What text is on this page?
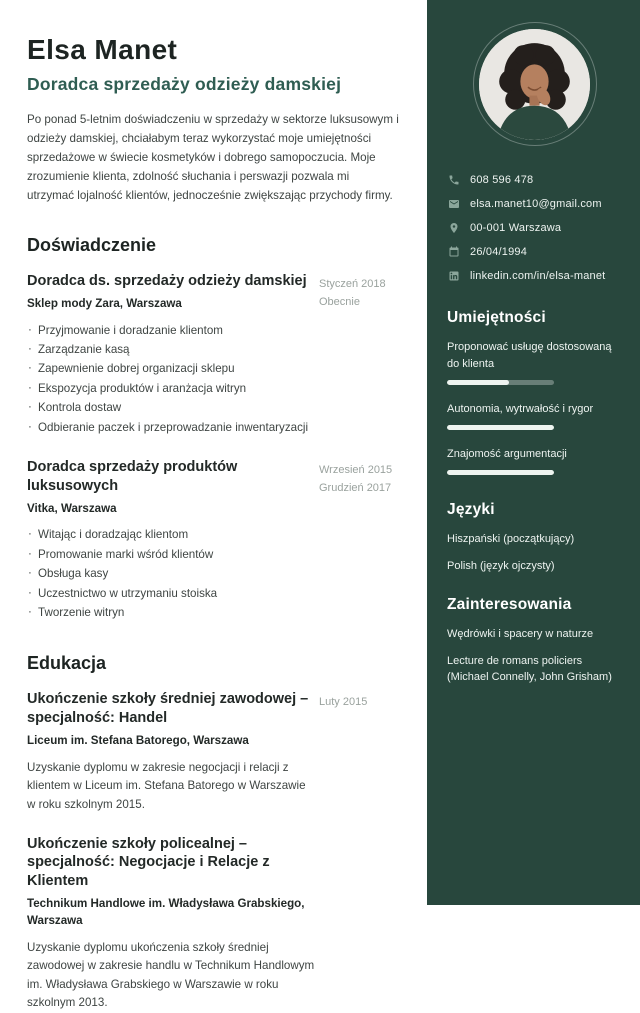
Elsa Manet
Doradca sprzedaży odzieży damskiej

Po ponad 5-letnim doświadczeniu w sprzedaży w sektorze luksusowym i odzieży damskiej, chciałabym teraz wykorzystać moje umiejętności sprzedażowe w świecie kosmetyków i dobrego samopoczucia. Moje zrozumienie klienta, zdolność słuchania i perswazji pozwala mi utrzymać lojalność klientów, jednocześnie zwiększając przychody firmy.

Doświadczenie
Doradca ds. sprzedaży odzieży damskiej
Sklep mody Zara, Warszawa
· Przyjmowanie i doradzanie klientom
· Zarządzanie kasą
· Zapewnienie dobrej organizacji sklepu
· Ekspozycja produktów i aranżacja witryn
· Kontrola dostaw
· Odbieranie paczek i przeprowadzanie inwentaryzacji
Styczeń 2018
Obecnie
Doradca sprzedaży produktów luksusowych
Vitka, Warszawa
· Witając i doradzając klientom
· Promowanie marki wśród klientów
· Obsługa kasy
· Uczestnictwo w utrzymaniu stoiska
· Tworzenie witryn
Wrzesień 2015
Grudzień 2017
Edukacja
Ukończenie szkoły średniej zawodowej – specjalność: Handel
Liceum im. Stefana Batorego, Warszawa

Uzyskanie dyplomu w zakresie negocjacji i relacji z klientem w Liceum im. Stefana Batorego w Warszawie w roku szkolnym 2015.

Luty 2015
Ukończenie szkoły policealnej – specjalność: Negocjacje i Relacje z Klientem
Technikum Handlowe im. Władysława Grabskiego, Warszawa

Uzyskanie dyplomu ukończenia szkoły średniej zawodowej w zakresie handlu w Technikum Handlowym im. Władysława Grabskiego w Warszawie w roku szkolnym 2013.

608 596 478
elsa.manet10@gmail.com
00-001 Warszawa
26/04/1994
linkedin.com/in/elsa-manet
Umiejętności
Proponować usługę dostosowaną do klienta
Autonomia, wytrwałość i rygor
Znajomość argumentacji
Języki
Hiszpański (początkujący)
Polish (język ojczysty)
Zainteresowania
Wędrówki i spacery w naturze
Lecture de romans policiers (Michael Connelly, John Grisham)
